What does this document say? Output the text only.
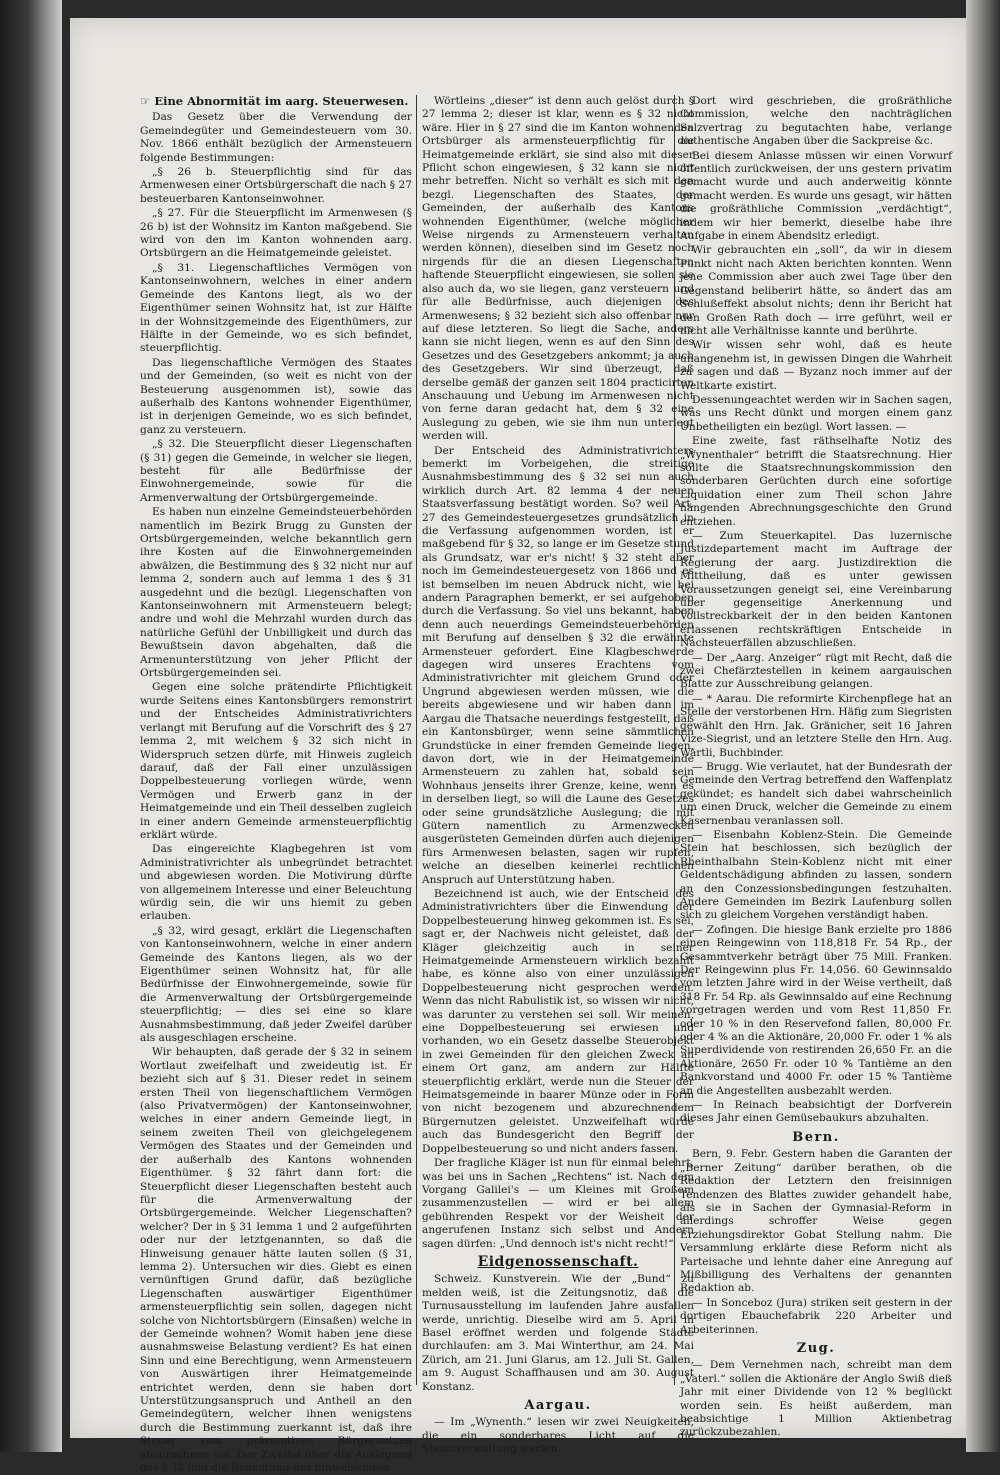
☞ Eine Abnormität im aarg. Steuerwesen.

Das Gesetz über die Verwendung der Gemeindegüter und Gemeindesteuern vom 30. Nov. 1866 enthält bezüglich der Armensteuern folgende Bestimmungen:

„§ 26 b. Steuerpflichtig sind für das Armenwesen einer Ortsbürgerschaft die nach § 27 besteuerbaren Kantonseinwohner.

„§ 27. Für die Steuerpflicht im Armenwesen (§ 26 b) ist der Wohnsitz im Kanton maßgebend. Sie wird von den im Kanton wohnenden aarg. Ortsbürgern an die Heimatgemeinde geleistet.

„§ 31. Liegenschaftliches Vermögen von Kantonseinwohnern, welches in einer andern Gemeinde des Kantons liegt, als wo der Eigenthümer seinen Wohnsitz hat, ist zur Hälfte in der Wohnsitzgemeinde des Eigenthümers, zur Hälfte in der Gemeinde, wo es sich befindet, steuerpflichtig.

Das liegenschaftliche Vermögen des Staates und der Gemeinden, (so weit es nicht von der Besteuerung ausgenommen ist), sowie das außerhalb des Kantons wohnender Eigenthümer, ist in derjenigen Gemeinde, wo es sich befindet, ganz zu versteuern.

„§ 32. Die Steuerpflicht dieser Liegenschaften (§ 31) gegen die Gemeinde, in welcher sie liegen, besteht für alle Bedürfnisse der Einwohnergemeinde, sowie für die Armenverwaltung der Ortsbürgergemeinde.

Es haben nun einzelne Gemeindsteuerbehörden namentlich im Bezirk Brugg zu Gunsten der Ortsbürgergemeinden, welche bekanntlich gern ihre Kosten auf die Einwohnergemeinden abwälzen, die Bestimmung des § 32 nicht nur auf lemma 2, sondern auch auf lemma 1 des § 31 ausgedehnt und die bezügl. Liegenschaften von Kantonseinwohnern mit Armensteuern belegt; andre und wohl die Mehrzahl wurden durch das natürliche Gefühl der Unbilligkeit und durch das Bewußtsein davon abgehalten, daß die Armenunterstützung von jeher Pflicht der Ortsbürgergemeinden sei.

Gegen eine solche prätendirte Pflichtigkeit wurde Seitens eines Kantonsbürgers remonstrirt und der Entscheides Administrativrichters verlangt mit Berufung auf die Vorschrift des § 27 lemma 2, mit welchem § 32 sich nicht in Widerspruch setzen dürfe, mit Hinweis zugleich darauf, daß der Fall einer unzulässigen Doppelbesteuerung vorliegen würde, wenn Vermögen und Erwerb ganz in der Heimatgemeinde und ein Theil desselben zugleich in einer andern Gemeinde armensteuerpflichtig erklärt würde.

Das eingereichte Klagbegehren ist vom Administrativrichter als unbegründet betrachtet und abgewiesen worden. Die Motivirung dürfte von allgemeinem Interesse und einer Beleuchtung würdig sein, die wir uns hiemit zu geben erlauben.

„§ 32, wird gesagt, erklärt die Liegenschaften von Kantonseinwohnern, welche in einer andern Gemeinde des Kantons liegen, als wo der Eigenthümer seinen Wohnsitz hat, für alle Bedürfnisse der Einwohnergemeinde, sowie für die Armenverwaltung der Ortsbürgergemeinde steuerpflichtig; — dies sei eine so klare Ausnahmsbestimmung, daß jeder Zweifel darüber als ausgeschlagen erscheine.

Wir behaupten, daß gerade der § 32 in seinem Wortlaut zweifelhaft und zweideutig ist. Er bezieht sich auf § 31. Dieser redet in seinem ersten Theil von liegenschaftlichem Vermögen (also Privatvermögen) der Kantonseinwohner, welches in einer andern Gemeinde liegt, in seinem zweiten Theil von gleichgelegenem Vermögen des Staates und der Gemeinden und der außerhalb des Kantons wohnenden Eigenthümer. § 32 fährt dann fort: die Steuerpflicht dieser Liegenschaften besteht auch für die Armenverwaltung der Ortsbürgergemeinde. Welcher Liegenschaften? welcher? Der in § 31 lemma 1 und 2 aufgeführten oder nur der letztgenannten, so daß die Hinweisung genauer hätte lauten sollen (§ 31, lemma 2). Untersuchen wir dies. Giebt es einen vernünftigen Grund dafür, daß bezügliche Liegenschaften auswärtiger Eigenthümer armensteuerpflichtig sein sollen, dagegen nicht solche von Nichtortsbürgern (Einsaßen) welche in der Gemeinde wohnen? Womit haben jene diese ausnahmsweise Belastung verdient? Es hat einen Sinn und eine Berechtigung, wenn Armensteuern von Auswärtigen ihrer Heimatgemeinde entrichtet werden, denn sie haben dort Unterstützungsanspruch und Antheil an den Gemeindegütern, welcher ihnen wenigstens durch die Bestimmung zuerkannt ist, daß ihre Steuer vom präsumtiven Bürgernutzen abzurechnen sei. Der Zweifel über die Auslegung des § 32 und die Bedeutung des hinweisenden

Wörtleins „dieser“ ist denn auch gelöst durch § 27 lemma 2; dieser ist klar, wenn es § 32 nicht wäre. Hier in § 27 sind die im Kanton wohnenden Ortsbürger als armensteuerpflichtig für die Heimatgemeinde erklärt, sie sind also mit dieser Pflicht schon eingewiesen, § 32 kann sie nicht mehr betreffen. Nicht so verhält es sich mit den bezgl. Liegenschaften des Staates, der Gemeinden, der außerhalb des Kantons wohnenden Eigenthümer, (welche möglicher Weise nirgends zu Armensteuern verhalten werden können), dieselben sind im Gesetz noch nirgends für die an diesen Liegenschaften haftende Steuerpflicht eingewiesen, sie sollen sie also auch da, wo sie liegen, ganz versteuern und für alle Bedürfnisse, auch diejenigen des Armenwesens; § 32 bezieht sich also offenbar nur auf diese letzteren. So liegt die Sache, anders kann sie nicht liegen, wenn es auf den Sinn des Gesetzes und des Gesetzgebers ankommt; ja auch des Gesetzgebers. Wir sind überzeugt, daß derselbe gemäß der ganzen seit 1804 practicirten Anschauung und Uebung im Armenwesen nicht von ferne daran gedacht hat, dem § 32 eine Auslegung zu geben, wie sie ihm nun unterlegt werden will.

Der Entscheid des Administrativrichters bemerkt im Vorbeigehen, die streitige Ausnahmsbestimmung des § 32 sei nun auch wirklich durch Art. 82 lemma 4 der neuen Staatsverfassung bestätigt worden. So? weil Art. 27 des Gemeindesteuergesetzes grundsätzlich in die Verfassung aufgenommen worden, ist er maßgebend für § 32, so lange er im Gesetze stund als Grundsatz, war er's nicht! § 32 steht aber noch im Gemeindesteuergesetz von 1866 und es ist bemselben im neuen Abdruck nicht, wie bei andern Paragraphen bemerkt, er sei aufgehoben durch die Verfassung. So viel uns bekannt, haben denn auch neuerdings Gemeindsteuerbehörden mit Berufung auf denselben § 32 die erwähnte Armensteuer gefordert. Eine Klagbeschwerde dagegen wird unseres Erachtens vom Administrativrichter mit gleichem Grund oder Ungrund abgewiesen werden müssen, wie die bereits abgewiesene und wir haben dann im Aargau die Thatsache neuerdings festgestellt, daß ein Kantonsbürger, wenn seine sämmtlichen Grundstücke in einer fremden Gemeinde liegen, davon dort, wie in der Heimatgemeinde Armensteuern zu zahlen hat, sobald sein Wohnhaus jenseits ihrer Grenze, keine, wenn es in derselben liegt, so will die Laune des Gesetzes oder seine grundsätzliche Auslegung; die mit Gütern namentlich zu Armenzwecken ausgerüsteten Gemeinden dürfen auch diejenigen fürs Armenwesen belasten, sagen wir rupfen, welche an dieselben keinerlei rechtlichen Anspruch auf Unterstützung haben.

Bezeichnend ist auch, wie der Entscheid des Administrativrichters über die Einwendung der Doppelbesteuerung hinweg gekommen ist. Es sei, sagt er, der Nachweis nicht geleistet, daß der Kläger gleichzeitig auch in seiner Heimatgemeinde Armensteuern wirklich bezahlt habe, es könne also von einer unzulässigen Doppelbesteuerung nicht gesprochen werden. Wenn das nicht Rabulistik ist, so wissen wir nicht, was darunter zu verstehen sei soll. Wir meinen, eine Doppelbesteuerung sei erwiesen und vorhanden, wo ein Gesetz dasselbe Steuerobjekt in zwei Gemeinden für den gleichen Zweck an einem Ort ganz, am andern zur Hälfte steuerpflichtig erklärt, werde nun die Steuer der Heimatsgemeinde in baarer Münze oder in Form von nicht bezogenem und abzurechnendem Bürgernutzen geleistet. Unzweifelhaft würde auch das Bundesgericht den Begriff der Doppelbesteuerung so und nicht anders fassen.

Der fragliche Kläger ist nun für einmal belehrt, was bei uns in Sachen „Rechtens“ ist. Nach dem Vorgang Galilei's — um Kleines mit Großem zusammenzustellen — wird er bei allem gebührenden Respekt vor der Weisheit der angerufenen Instanz sich selbst und Andern sagen dürfen: „Und dennoch ist's nicht recht!“

Eidgenossenschaft.

Schweiz. Kunstverein. Wie der „Bund“ zu melden weiß, ist die Zeitungsnotiz, daß die Turnusausstellung im laufenden Jahre ausfallen werde, unrichtig. Dieselbe wird am 5. April in Basel eröffnet werden und folgende Städte durchlaufen: am 3. Mai Winterthur, am 24. Mai Zürich, am 21. Juni Glarus, am 12. Juli St. Gallen, am 9. August Schaffhausen und am 30. August Konstanz.

Aargau.

— Im „Wynenth.“ lesen wir zwei Neuigkeiten, die ein sonderbares Licht auf die Staatsverwaltung werfen.

Dort wird geschrieben, die großräthliche Commission, welche den nachträglichen Salzvertrag zu begutachten habe, verlange authentische Angaben über die Sackpreise &c.

Bei diesem Anlasse müssen wir einen Vorwurf öffentlich zurückweisen, der uns gestern privatim gemacht wurde und auch anderweitig könnte gemacht werden. Es wurde uns gesagt, wir hätten die großräthliche Commission „verdächtigt“, indem wir hier bemerkt, dieselbe habe ihre Aufgabe in einem Abendsitz erledigt.

Wir gebrauchten ein „soll“, da wir in diesem Punkt nicht nach Akten berichten konnten. Wenn jene Commission aber auch zwei Tage über den Gegenstand beliberirt hätte, so ändert das am Schlußeffekt absolut nichts; denn ihr Bericht hat den Großen Rath doch — irre geführt, weil er nicht alle Verhältnisse kannte und berührte.

Wir wissen sehr wohl, daß es heute unangenehm ist, in gewissen Dingen die Wahrheit zu sagen und daß — Byzanz noch immer auf der Weltkarte existirt.

Dessenungeachtet werden wir in Sachen sagen, was uns Recht dünkt und morgen einem ganz Unbetheiligten ein bezügl. Wort lassen. —

Eine zweite, fast räthselhafte Notiz des „Wynenthaler“ betrifft die Staatsrechnung. Hier sollte die Staatsrechnungskommission den sonderbaren Gerüchten durch eine sofortige Liquidation einer zum Theil schon Jahre hängenden Abrechnungsgeschichte den Grund entziehen.

— Zum Steuerkapitel. Das luzernische Justizdepartement macht im Auftrage der Regierung der aarg. Justizdirektion die Mittheilung, daß es unter gewissen Voraussetzungen geneigt sei, eine Vereinbarung über gegenseitige Anerkennung und Vollstreckbarkeit der in den beiden Kantonen erlassenen rechtskräftigen Entscheide in Nachsteuerfällen abzuschließen.

— Der „Aarg. Anzeiger“ rügt mit Recht, daß die zwei Chefärztestellen in keinem aargauischen Blatte zur Ausschreibung gelangen.

— * Aarau. Die reformirte Kirchenpflege hat an Stelle der verstorbenen Hrn. Häfig zum Siegristen gewählt den Hrn. Jak. Gränicher, seit 16 Jahren Vize-Siegrist, und an letztere Stelle den Hrn. Aug. Wärtli, Buchbinder.

— Brugg. Wie verlautet, hat der Bundesrath der Gemeinde den Vertrag betreffend den Waffenplatz gekündet; es handelt sich dabei wahrscheinlich um einen Druck, welcher die Gemeinde zu einem Kasernenbau veranlassen soll.

— Eisenbahn Koblenz-Stein. Die Gemeinde Stein hat beschlossen, sich bezüglich der Rheinthalbahn Stein-Koblenz nicht mit einer Geldentschädigung abfinden zu lassen, sondern an den Conzessionsbedingungen festzuhalten. Andere Gemeinden im Bezirk Laufenburg sollen sich zu gleichem Vorgehen verständigt haben.

— Zofingen. Die hiesige Bank erzielte pro 1886 einen Reingewinn von 118,818 Fr. 54 Rp., der Gesammtverkehr beträgt über 75 Mill. Franken. Der Reingewinn plus Fr. 14,056. 60 Gewinnsaldo vom letzten Jahre wird in der Weise vertheilt, daß 318 Fr. 54 Rp. als Gewinnsaldo auf eine Rechnung vorgetragen werden und vom Rest 11,850 Fr. oder 10 % in den Reservefond fallen, 80,000 Fr. oder 4 % an die Aktionäre, 20,000 Fr. oder 1 % als Superdividende von restirenden 26,650 Fr. an die Aktionäre, 2650 Fr. oder 10 % Tantième an den Bankvorstand und 4000 Fr. oder 15 % Tantième an die Angestellten ausbezahlt werden.

— In Reinach beabsichtigt der Dorfverein dieses Jahr einen Gemüsebaukurs abzuhalten.

Bern.

Bern, 9. Febr. Gestern haben die Garanten der „Berner Zeitung“ darüber berathen, ob die Redaktion der Letztern den freisinnigen Tendenzen des Blattes zuwider gehandelt habe, als sie in Sachen der Gymnasial-Reform in allerdings schroffer Weise gegen Erziehungsdirektor Gobat Stellung nahm. Die Versammlung erklärte diese Reform nicht als Parteisache und lehnte daher eine Anregung auf Mißbilligung des Verhaltens der genannten Redaktion ab.

— In Sonceboz (Jura) striken seit gestern in der dortigen Ebauchefabrik 220 Arbeiter und Arbeiterinnen.

Zug.

— Dem Vernehmen nach, schreibt man dem „Vaterl.“ sollen die Aktionäre der Anglo Swiß dieß Jahr mit einer Dividende von 12 % beglückt worden sein. Es heißt außerdem, man beabsichtige 1 Million Aktienbetrag zurückzubezahlen.
